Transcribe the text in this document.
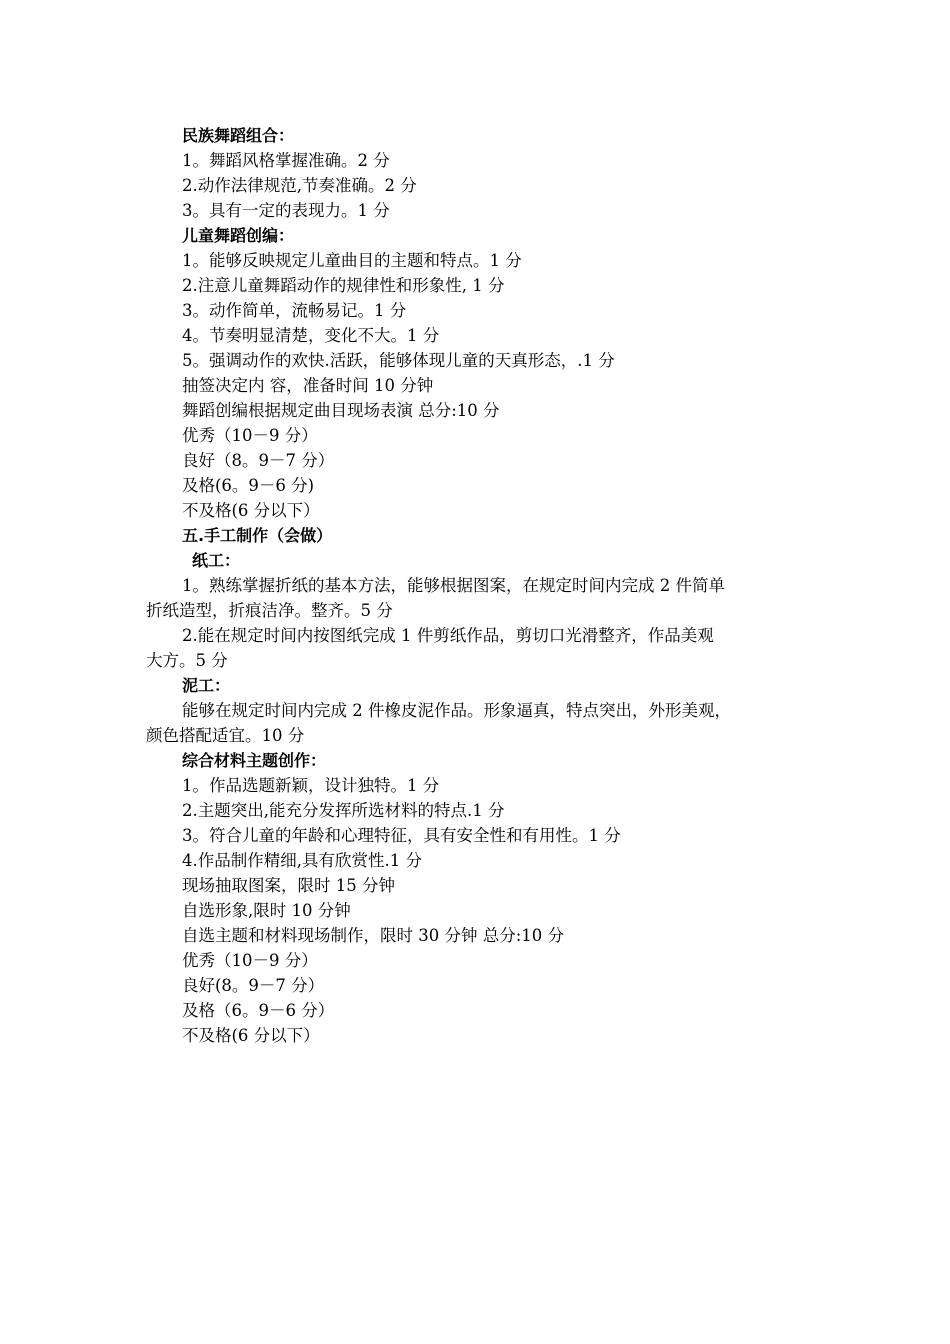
民族舞蹈组合：
1。舞蹈风格掌握准确。2 分
2.动作法律规范,节奏准确。2 分
3。具有一定的表现力。1 分
儿童舞蹈创编：
1。能够反映规定儿童曲目的主题和特点。1 分
2.注意儿童舞蹈动作的规律性和形象性, 1 分
3。动作简单，流畅易记。1 分
4。节奏明显清楚，变化不大。1 分
5。强调动作的欢快.活跃，能够体现儿童的天真形态，.1 分
抽签决定内 容，准备时间 10 分钟
舞蹈创编根据规定曲目现场表演 总分:10 分
优秀（10－9 分）
良好（8。9－7 分）
及格(6。9－6 分)
不及格(6 分以下）
五.手工制作（会做）
纸工：
1。熟练掌握折纸的基本方法，能够根据图案，在规定时间内完成 2 件简单
折纸造型，折痕洁净。整齐。5 分
2.能在规定时间内按图纸完成 1 件剪纸作品，剪切口光滑整齐，作品美观
大方。5 分
泥工：
能够在规定时间内完成 2 件橡皮泥作品。形象逼真，特点突出，外形美观，
颜色搭配适宜。10 分
综合材料主题创作：
1。作品选题新颖，设计独特。1 分
2.主题突出,能充分发挥所选材料的特点.1 分
3。符合儿童的年龄和心理特征，具有安全性和有用性。1 分
4.作品制作精细,具有欣赏性.1 分
现场抽取图案，限时 15 分钟
自选形象,限时 10 分钟
自选主题和材料现场制作，限时 30 分钟 总分:10 分
优秀（10－9 分）
良好(8。9－7 分）
及格（6。9－6 分）
不及格(6 分以下）
